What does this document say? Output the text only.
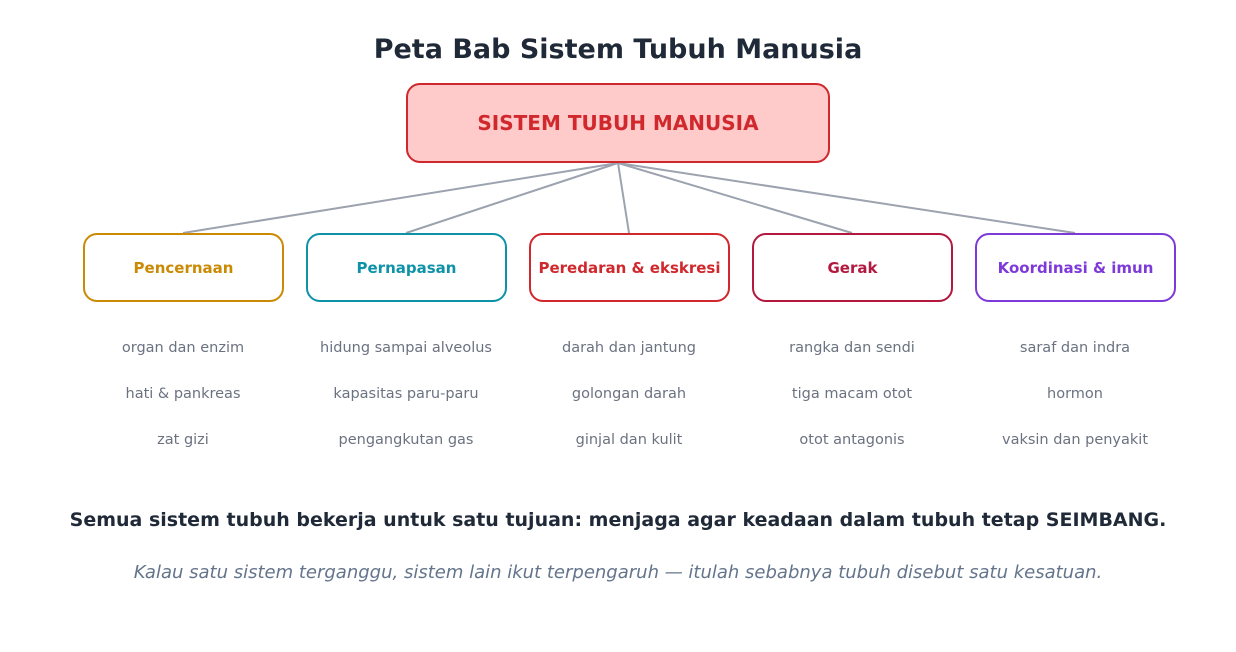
Peta Bab Sistem Tubuh Manusia
SISTEM TUBUH MANUSIA
Pencernaan	Pernapasan	Peredaran & ekskresi	Gerak	Koordinasi & imun
organ dan enzim
hati & pankreas
zat gizi
hidung sampai alveolus
kapasitas paru-paru
pengangkutan gas
darah dan jantung
golongan darah
ginjal dan kulit
rangka dan sendi
tiga macam otot
otot antagonis
saraf dan indra
hormon
vaksin dan penyakit
Semua sistem tubuh bekerja untuk satu tujuan: menjaga agar keadaan dalam tubuh tetap SEIMBANG.
Kalau satu sistem terganggu, sistem lain ikut terpengaruh — itulah sebabnya tubuh disebut satu kesatuan.
